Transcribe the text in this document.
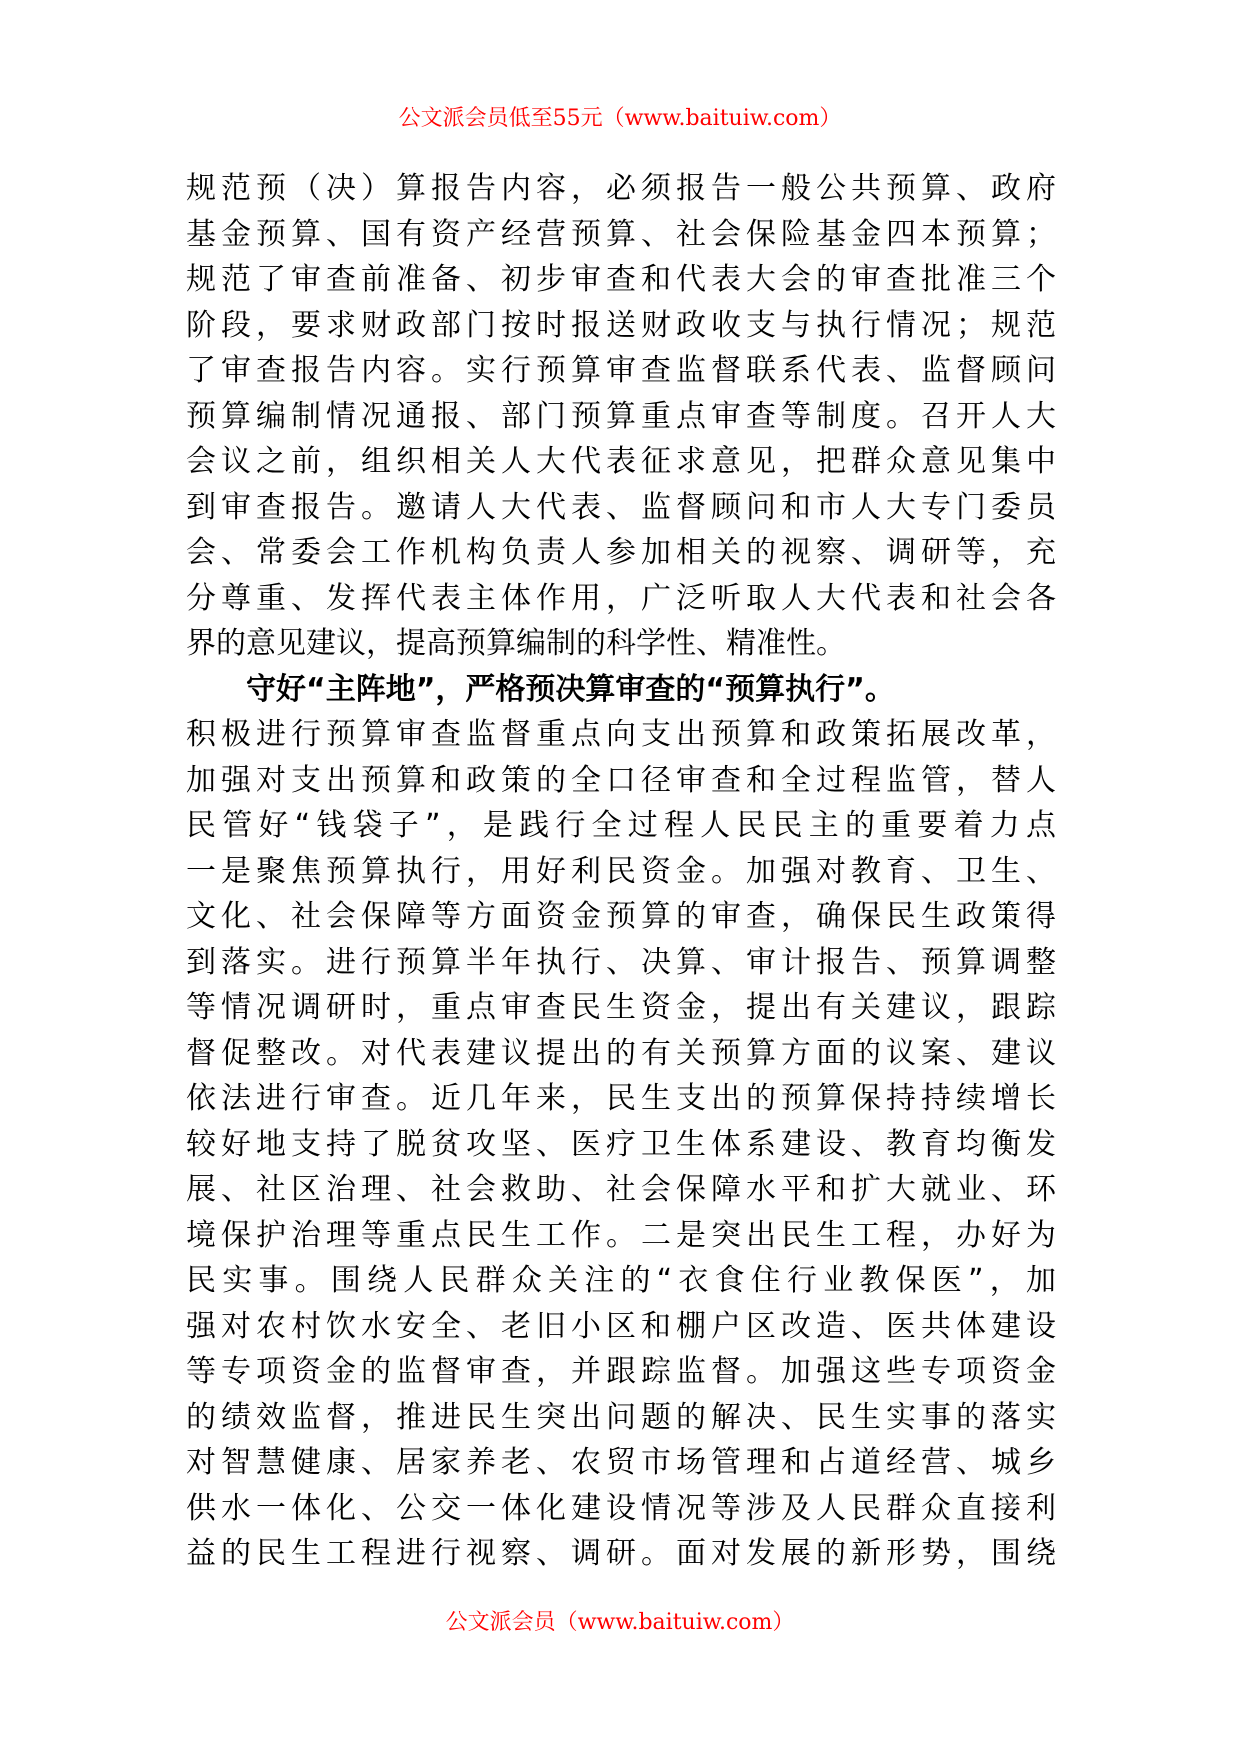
公文派会员低至55元（www.baituiw.com）
规范预（决）算报告内容，必须报告一般公共预算、政府
基金预算、国有资产经营预算、社会保险基金四本预算；
规范了审查前准备、初步审查和代表大会的审查批准三个
阶段，要求财政部门按时报送财政收支与执行情况；规范
了审查报告内容。实行预算审查监督联系代表、监督顾问
预算编制情况通报、部门预算重点审查等制度。召开人大
会议之前，组织相关人大代表征求意见，把群众意见集中
到审查报告。邀请人大代表、监督顾问和市人大专门委员
会、常委会工作机构负责人参加相关的视察、调研等，充
分尊重、发挥代表主体作用，广泛听取人大代表和社会各
界的意见建议，提高预算编制的科学性、精准性。
守好“主阵地”，严格预决算审查的“预算执行”。
积极进行预算审查监督重点向支出预算和政策拓展改革，
加强对支出预算和政策的全口径审查和全过程监管，替人
民管好“钱袋子”，是践行全过程人民民主的重要着力点
一是聚焦预算执行，用好利民资金。加强对教育、卫生、
文化、社会保障等方面资金预算的审查，确保民生政策得
到落实。进行预算半年执行、决算、审计报告、预算调整
等情况调研时，重点审查民生资金，提出有关建议，跟踪
督促整改。对代表建议提出的有关预算方面的议案、建议
依法进行审查。近几年来，民生支出的预算保持持续增长
较好地支持了脱贫攻坚、医疗卫生体系建设、教育均衡发
展、社区治理、社会救助、社会保障水平和扩大就业、环
境保护治理等重点民生工作。二是突出民生工程，办好为
民实事。围绕人民群众关注的“衣食住行业教保医”，加
强对农村饮水安全、老旧小区和棚户区改造、医共体建设
等专项资金的监督审查，并跟踪监督。加强这些专项资金
的绩效监督，推进民生突出问题的解决、民生实事的落实
对智慧健康、居家养老、农贸市场管理和占道经营、城乡
供水一体化、公交一体化建设情况等涉及人民群众直接利
益的民生工程进行视察、调研。面对发展的新形势，围绕
公文派会员（www.baituiw.com）
